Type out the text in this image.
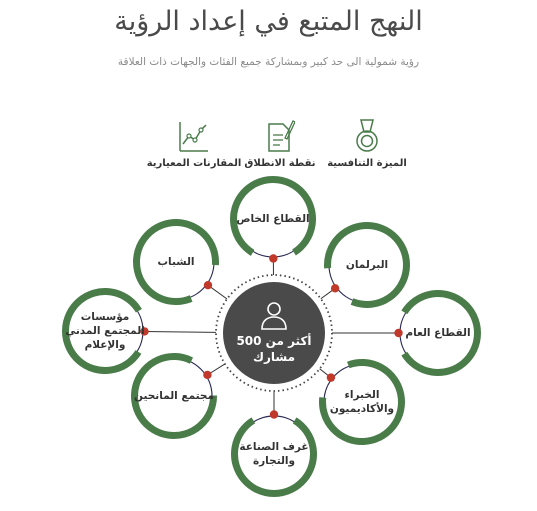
النهج المتبع في إعداد الرؤية
رؤية شمولية الى حد كبير وبمشاركة جميع الفئات والجهات ذات العلاقة
الميزة التنافسية
نقطة الانطلاق
المقارنات المعيارية
أكثر من 500 مشارك
القطاع الخاص
البرلمان
القطاع العام
الخبراء والأكاديميون
غرف الصناعة والتجارة
مجتمع المانحين
مؤسسات المجتمع المدني والإعلام
الشباب
